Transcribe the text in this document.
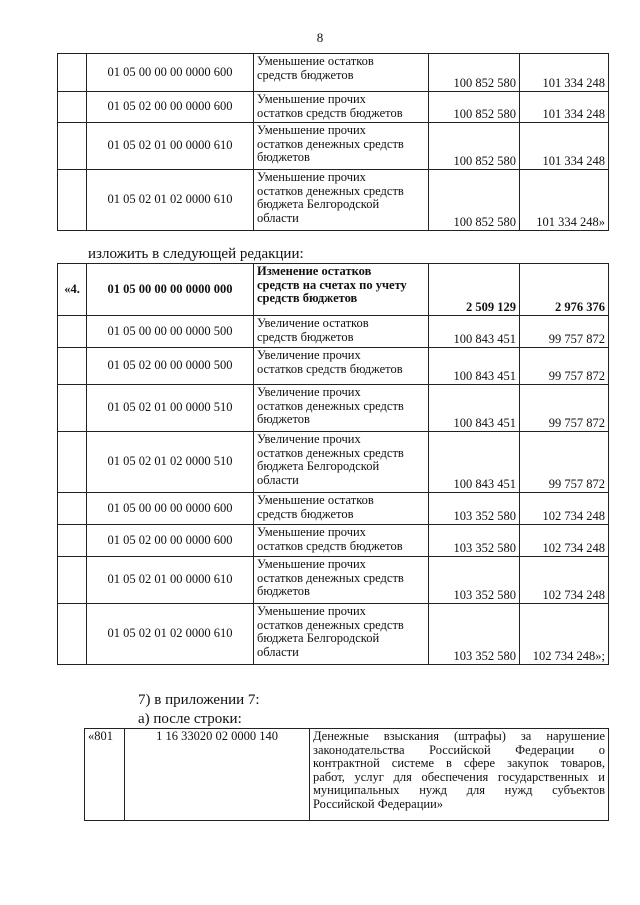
8
	01 05 00 00 00 0000 600	Уменьшение остатков
средств бюджетов	100 852 580	101 334 248
	01 05 02 00 00 0000 600	Уменьшение прочих
остатков средств бюджетов	100 852 580	101 334 248
	01 05 02 01 00 0000 610	Уменьшение прочих
остатков денежных средств
бюджетов	100 852 580	101 334 248
	01 05 02 01 02 0000 610	Уменьшение прочих
остатков денежных средств
бюджета Белгородской
области	100 852 580	101 334 248»
изложить в следующей редакции:
«4.	01 05 00 00 00 0000 000	Изменение остатков
средств на счетах по учету
средств бюджетов	2 509 129	2 976 376
	01 05 00 00 00 0000 500	Увеличение остатков
средств бюджетов	100 843 451	99 757 872
	01 05 02 00 00 0000 500	Увеличение прочих
остатков средств бюджетов	100 843 451	99 757 872
	01 05 02 01 00 0000 510	Увеличение прочих
остатков денежных средств
бюджетов	100 843 451	99 757 872
	01 05 02 01 02 0000 510	Увеличение прочих
остатков денежных средств
бюджета Белгородской
области	100 843 451	99 757 872
	01 05 00 00 00 0000 600	Уменьшение остатков
средств бюджетов	103 352 580	102 734 248
	01 05 02 00 00 0000 600	Уменьшение прочих
остатков средств бюджетов	103 352 580	102 734 248
	01 05 02 01 00 0000 610	Уменьшение прочих
остатков денежных средств
бюджетов	103 352 580	102 734 248
	01 05 02 01 02 0000 610	Уменьшение прочих
остатков денежных средств
бюджета Белгородской
области	103 352 580	102 734 248»;
7) в приложении 7:
а) после строки:
«801	1 16 33020 02 0000 140	Денежные взыскания (штрафы) за нарушение
законодательства Российской Федерации о
контрактной системе в сфере закупок товаров,
работ, услуг для обеспечения государственных и
муниципальных нужд для нужд субъектов
Российской Федерации»
